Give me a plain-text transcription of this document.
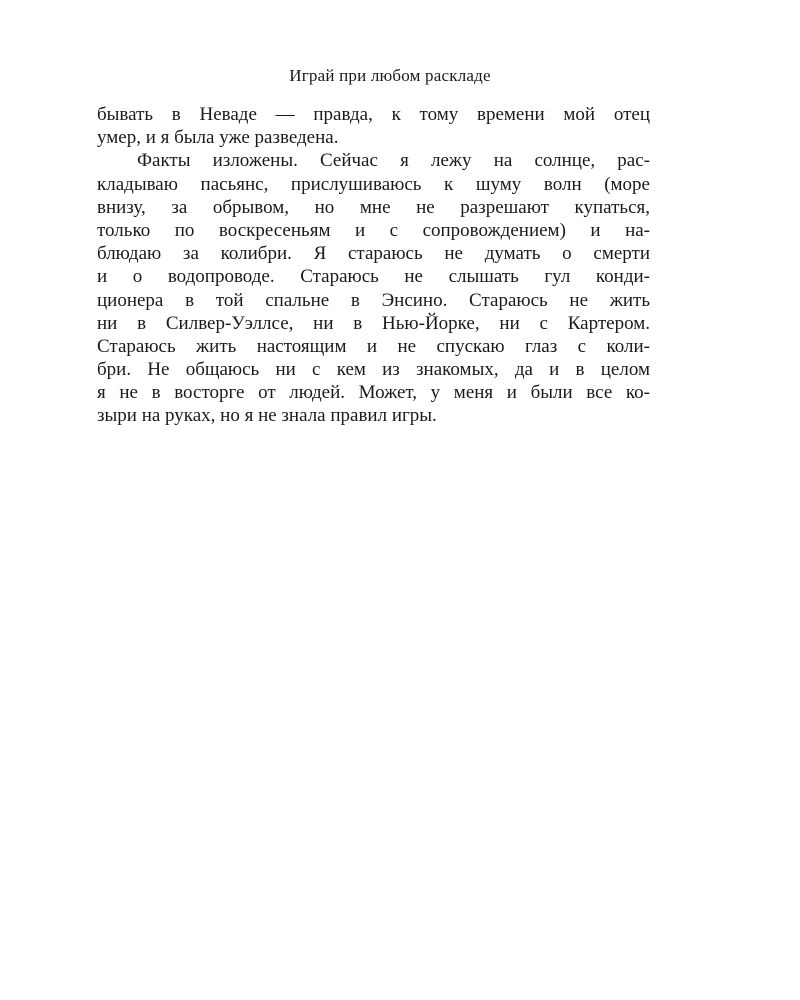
Играй при любом раскладе
бывать в Неваде — правда, к тому времени мой отец
умер, и я была уже разведена.
Факты изложены. Сейчас я лежу на солнце, рас-
кладываю пасьянс, прислушиваюсь к шуму волн (море
внизу, за обрывом, но мне не разрешают купаться,
только по воскресеньям и с сопровождением) и на-
блюдаю за колибри. Я стараюсь не думать о смерти
и о водопроводе. Стараюсь не слышать гул конди-
ционера в той спальне в Энсино. Стараюсь не жить
ни в Силвер-Уэллсе, ни в Нью-Йорке, ни с Картером.
Стараюсь жить настоящим и не спускаю глаз с коли-
бри. Не общаюсь ни с кем из знакомых, да и в целом
я не в восторге от людей. Может, у меня и были все ко-
зыри на руках, но я не знала правил игры.
